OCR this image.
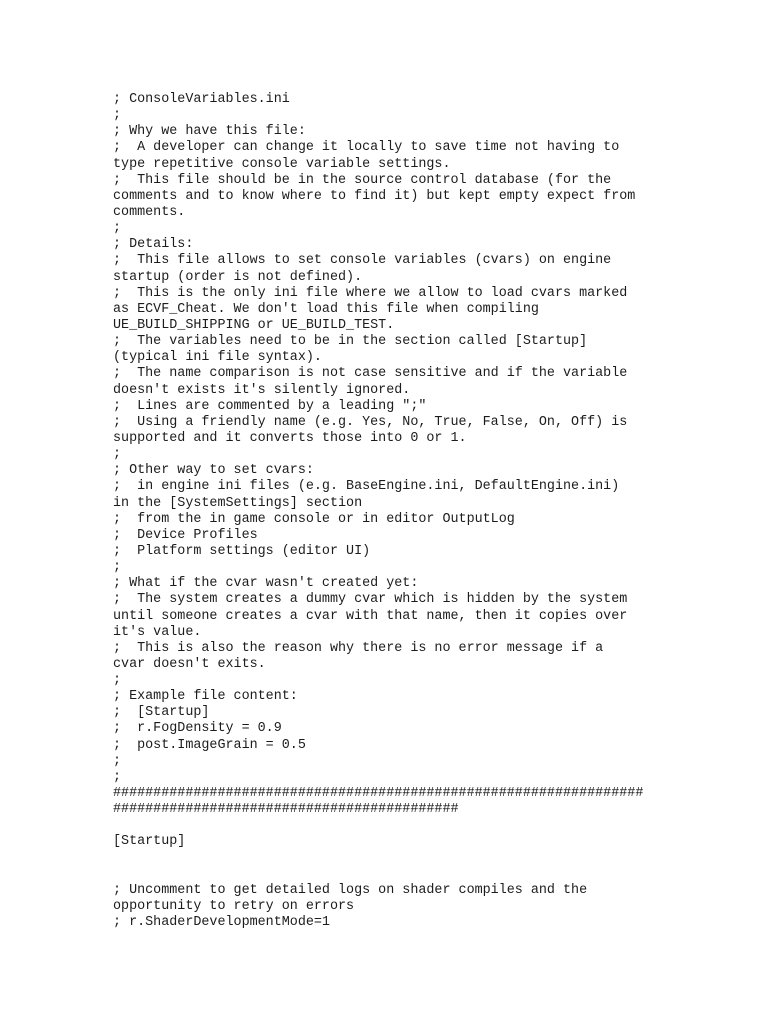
; ConsoleVariables.ini
;
; Why we have this file:
;  A developer can change it locally to save time not having to
type repetitive console variable settings.
;  This file should be in the source control database (for the
comments and to know where to find it) but kept empty expect from
comments.
;
; Details:
;  This file allows to set console variables (cvars) on engine
startup (order is not defined).
;  This is the only ini file where we allow to load cvars marked
as ECVF_Cheat. We don't load this file when compiling
UE_BUILD_SHIPPING or UE_BUILD_TEST.
;  The variables need to be in the section called [Startup]
(typical ini file syntax).
;  The name comparison is not case sensitive and if the variable
doesn't exists it's silently ignored.
;  Lines are commented by a leading ";"
;  Using a friendly name (e.g. Yes, No, True, False, On, Off) is
supported and it converts those into 0 or 1.
;
; Other way to set cvars:
;  in engine ini files (e.g. BaseEngine.ini, DefaultEngine.ini)
in the [SystemSettings] section
;  from the in game console or in editor OutputLog
;  Device Profiles
;  Platform settings (editor UI)
;
; What if the cvar wasn't created yet:
;  The system creates a dummy cvar which is hidden by the system
until someone creates a cvar with that name, then it copies over
it's value.
;  This is also the reason why there is no error message if a
cvar doesn't exits.
;
; Example file content:
;  [Startup]
;  r.FogDensity = 0.9
;  post.ImageGrain = 0.5
;
;
##################################################################
###########################################
[Startup]
; Uncomment to get detailed logs on shader compiles and the
opportunity to retry on errors
; r.ShaderDevelopmentMode=1
